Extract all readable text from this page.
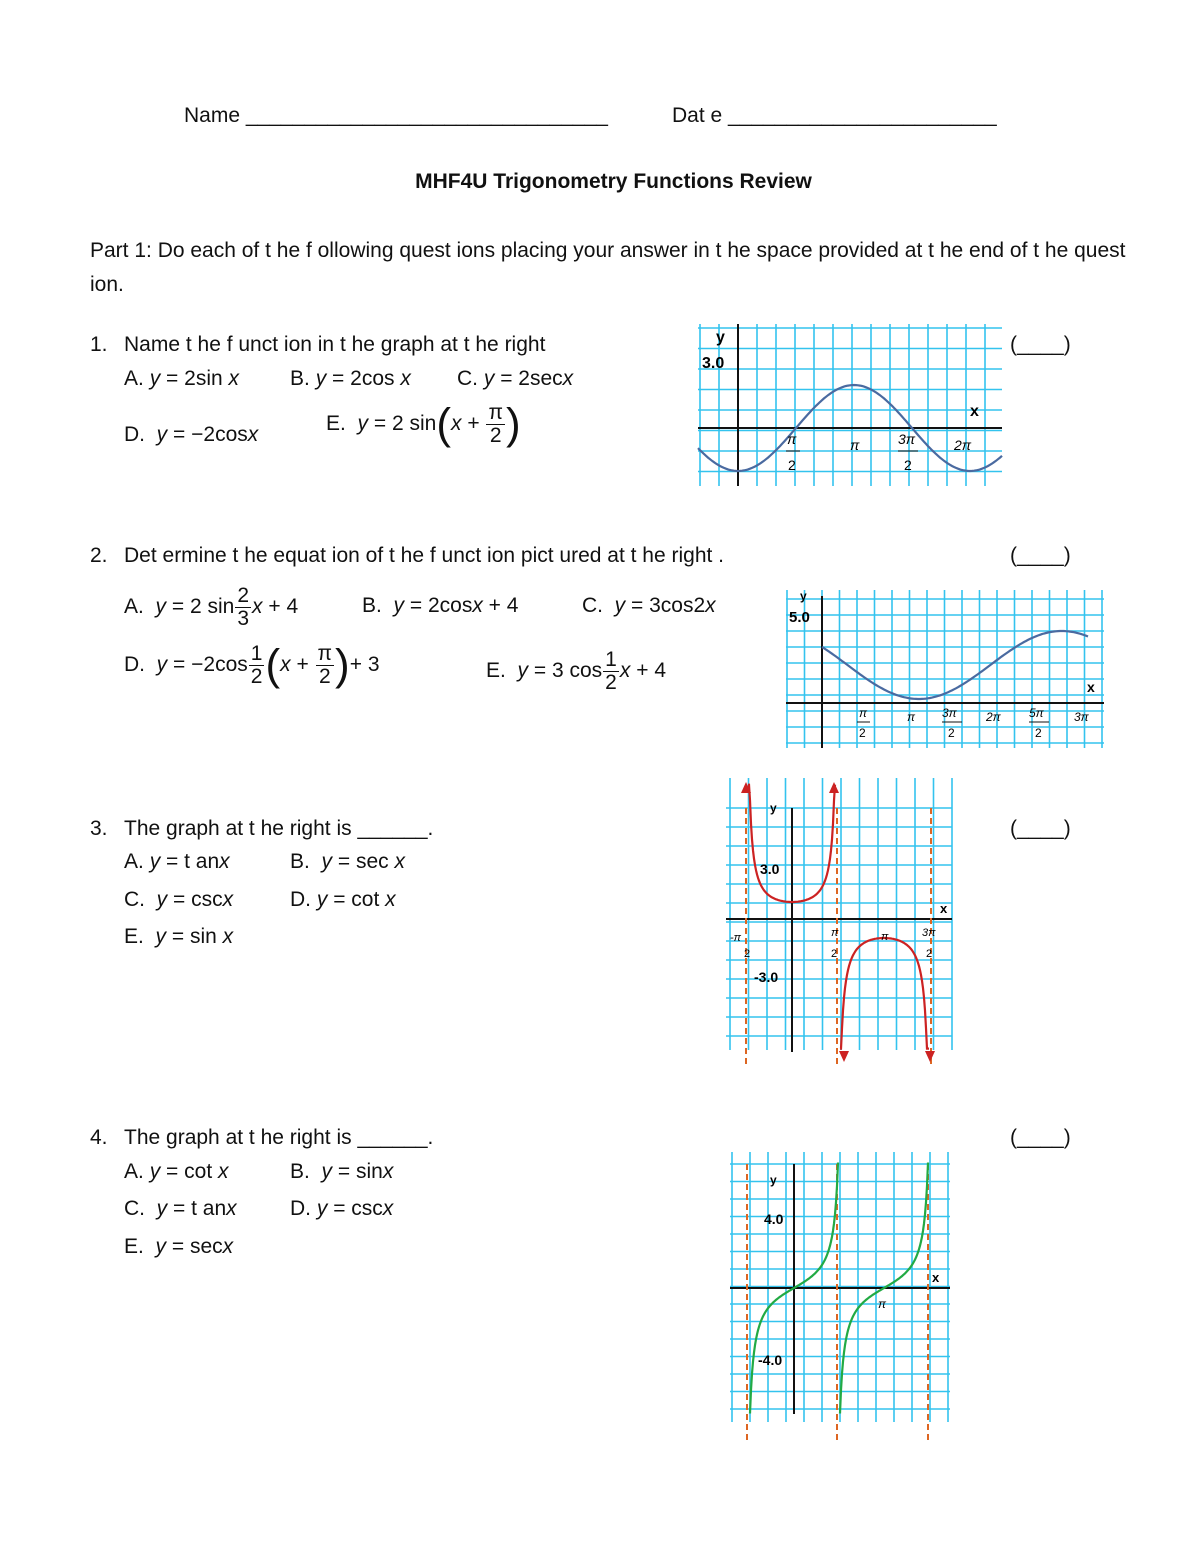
Name _______________________________	Dat e _______________________
MHF4U Trigonometry Functions Review
Part 1: Do each of t he f ollowing quest ions placing your answer in t he space provided at t he end of t he quest ion.
1. Name t he f unct ion in t he graph at t he right	(____)
A. y = 2sin x B. y = 2cos x C. y = 2secx
D. y = −2cosx	E. y = 2 $\sin(x + \frac{\pi}{2}$ )
y
3.0
x
π
2
π	3π
2
2π
2. Det ermine t he equat ion of t he f unct ion pict ured at t he right .	(____)
A. y = 2 $\sin \frac{2}{3}$ x + 4	B. y = 2cosx + 4	C. y = 3cos2x
D. $y = -2\cos \frac{1}{2} (x + \frac{\pi}{2}$ )+ 3	E. y = 3 $\cos \frac{1}{2}$ x + 4
y
5.0
x
π
2
π 3π
2
2π 5π
2
3π
3. The graph at t he right is ______.	(____)
A. y = t anx	B. y = sec x
C. y = cscx	D. y = cot x
E. y = sin x
y
3.0
-3.0
x
-π
2
π
2
π	3π
2
4. The graph at t he right is ______.	(____)
A. y = cot x	B. y = sinx
C. y = t anx	D. y = cscx
E. y = secx
y
4.0
-4.0
x
π
